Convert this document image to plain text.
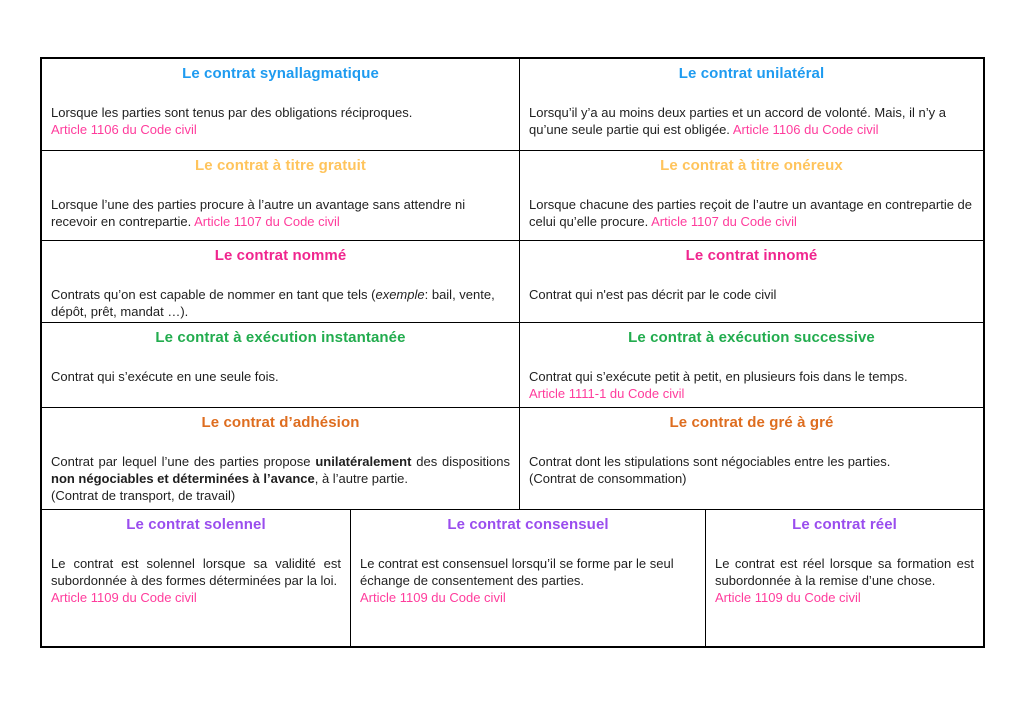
Le contrat synallagmatique
Lorsque les parties sont tenus par des obligations réciproques.
Article 1106 du Code civil
Le contrat unilatéral
Lorsqu’il y’a au moins deux parties et un accord de volonté. Mais, il n’y a qu’une seule partie qui est obligée. Article 1106 du Code civil
Le contrat à titre gratuit
Lorsque l’une des parties procure à l’autre un avantage sans attendre ni recevoir en contrepartie. Article 1107 du Code civil
Le contrat à titre onéreux
Lorsque chacune des parties reçoit de l’autre un avantage en contrepartie de celui qu’elle procure. Article 1107 du Code civil
Le contrat nommé
Contrats qu’on est capable de nommer en tant que tels (exemple: bail, vente, dépôt, prêt, mandat …).
Le contrat innomé
Contrat qui n'est pas décrit par le code civil
Le contrat à exécution instantanée
Contrat qui s’exécute en une seule fois.
Le contrat à exécution successive
Contrat qui s’exécute petit à petit, en plusieurs fois dans le temps.
Article 1111-1 du Code civil
Le contrat d’adhésion
Contrat par lequel l’une des parties propose unilatéralement des dispositions non négociables et déterminées à l’avance, à l’autre partie.
(Contrat de transport, de travail)
Le contrat de gré à gré
Contrat dont les stipulations sont négociables entre les parties.
(Contrat de consommation)
Le contrat solennel
Le contrat est solennel lorsque sa validité est subordonnée à des formes déterminées par la loi.
Article 1109 du Code civil
Le contrat consensuel
Le contrat est consensuel lorsqu’il se forme par le seul échange de consentement des parties.
Article 1109 du Code civil
Le contrat réel
Le contrat est réel lorsque sa formation est subordonnée à la remise d’une chose.
Article 1109 du Code civil
